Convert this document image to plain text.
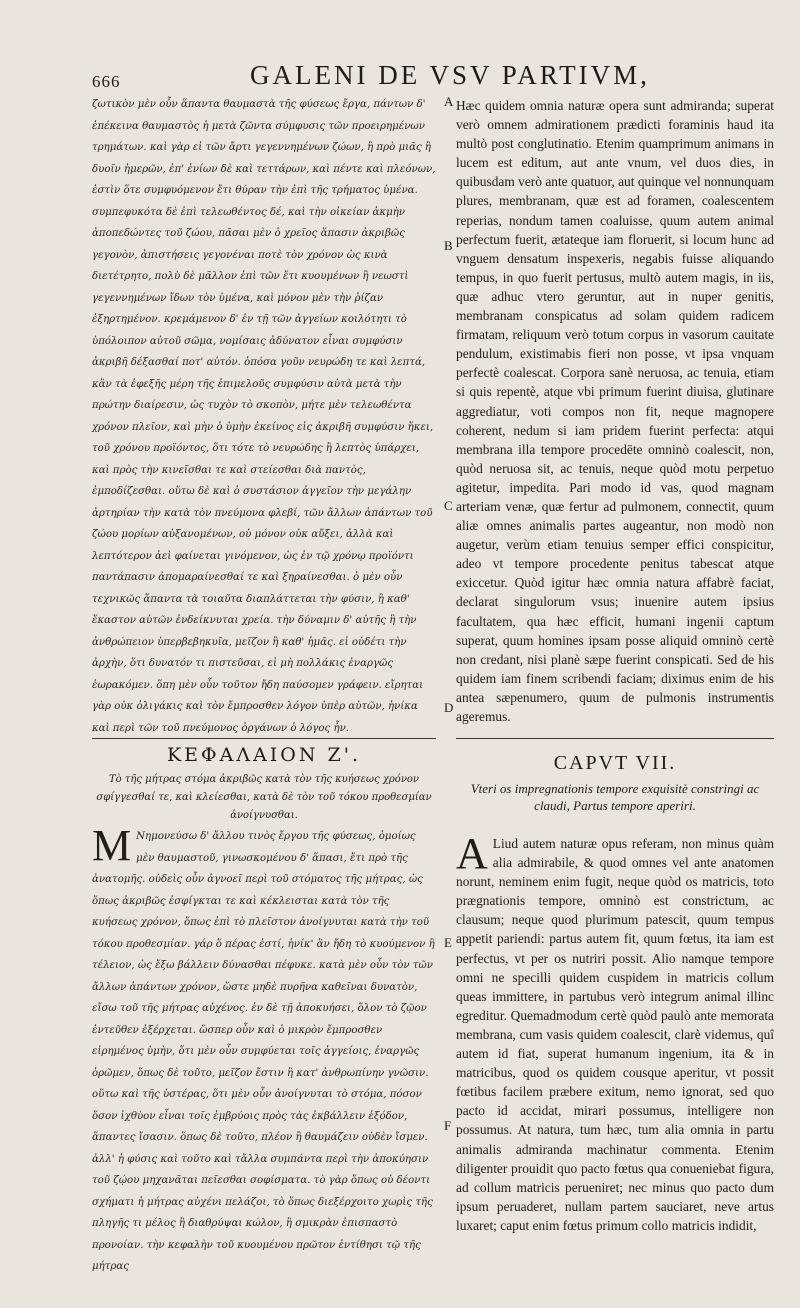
666	GALENI DE VSV PARTIVM,
ζωτικὸν μὲν οὖν ἅπαντα θαυμαστὰ τῆς φύσεως ἔργα, πάντων δ' ἐπέκεινα θαυμαστὸς ἡ μετὰ ζῶντα σύμφυσις τῶν προειρημένων τρημάτων. καὶ γὰρ εἰ τῶν ἄρτι γεγεννημένων ζώων, ἢ πρὸ μιᾶς ἢ δυοῖν ἡμερῶν, ἐπ' ἐνίων δὲ καὶ τεττάρων, καὶ πέντε καὶ πλεόνων, ἐστὶν ὅτε συμφυόμενον ἔτι θύραν τὴν ἐπὶ τῆς τρήματος ὑμένα. συμπεφυκότα δὲ ἐπὶ τελεωθέντος δέ, καὶ τὴν οἰκείαν ἀκμὴν ἀποπεδώντες τοῦ ζώου, πᾶσαι μὲν ὁ χρεῖος ἅπασιν ἀκριβῶς γεγονὸν, ἀπιστήσεις γεγονέναι ποτὲ τὸν χρόνον ὡς κινὰ διετέτρητο, πολὺ δὲ μᾶλλον ἐπὶ τῶν ἔτι κυουμένων ἢ νεωστὶ γεγεννημένων ἴδων τὸν ὑμένα, καὶ μόνον μὲν τὴν ῥίζαν ἐξηρτημένον. κρεμάμενον δ' ἐν τῇ τῶν ἀγγείων κοιλότητι τὸ ὑπόλοιπον αὐτοῦ σῶμα, νομίσαις ἀδύνατον εἶναι συμφύσιν ἀκριβῆ δέξασθαί ποτ' αὐτόν. ὁπόσα γοῦν νευρώδη τε καὶ λεπτά, κἂν τὰ ἐφεξῆς μέρη τῆς ἐπιμελοῦς συμφύσιν αὐτὰ μετὰ τὴν πρώτην διαίρεσιν, ὡς τυχὸν τὸ σκοπὸν, μήτε μὲν τελεωθέντα χρόνον πλεῖον, καὶ μὴν ὁ ὑμὴν ἐκείνος εἰς ἀκριβῆ συμφύσιν ἥκει, τοῦ χρόνου προϊόντος, ὅτι τότε τὸ νευρώδης ἢ λεπτὸς ὑπάρχει, καὶ πρὸς τὴν κινεῖσθαι τε καὶ στείεσθαι διὰ παντὸς, ἐμποδίζεσθαι. οὕτω δὲ καὶ ὁ συστάσιον ἀγγεῖον τὴν μεγάλην ἀρτηρίαν τὴν κατὰ τὸν πνεύμονα φλεβί, τῶν ἄλλων ἁπάντων τοῦ ζώου μορίων αὐξανομένων, οὐ μόνον οὐκ αὔξει, ἀλλὰ καὶ λεπτότερον ἀεὶ φαίνεται γινόμενον, ὡς ἐν τῷ χρόνῳ προϊόντι παντάπασιν ἀπομαραίνεσθαί τε καὶ ξηραίνεσθαι. ὁ μὲν οὖν τεχνικῶς ἅπαντα τὰ τοιαῦτα διαπλάττεται τὴν φύσιν, ἢ καθ' ἕκαστον αὐτῶν ἐνδείκνυται χρεία. τὴν δύναμιν δ' αὐτῆς ἣ τὴν ἀνθρώπειον ὑπερβεβηκυῖα, μεῖζον ἢ καθ' ἡμᾶς. εἰ οὐδέτι τὴν ἀρχὴν, ὅτι δυνατόν τι πιστεῦσαι, εἰ μὴ πολλάκις ἐναργῶς ἑωρακόμεν. ὅπη μὲν οὖν τοῦτον ἤδη παύσομεν γράφειν. εἴρηται γὰρ οὐκ ὀλιγάκις καὶ τὸν ἔμπροσθεν λόγον ὑπὲρ αὐτῶν, ἡνίκα καὶ περὶ τῶν τοῦ πνεύμονος ὀργάνων ὁ λόγος ἦν.
Hæc quidem omnia naturæ opera sunt admiranda; superat verò omnem admirationem prædicti foraminis haud ita multò post conglutinatio. Etenim quamprimum animans in lucem est editum, aut ante vnum, vel duos dies, in quibusdam verò ante quatuor, aut quinque vel nonnunquam plures, membranam, quæ est ad foramen, coalescentem reperias, nondum tamen coaluisse, quum autem animal perfectum fuerit, ætateque iam floruerit, si locum hunc ad vnguem densatum inspexeris, negabis fuisse aliquando tempus, in quo fuerit pertusus, multò autem magis, in iis, quæ adhuc vtero geruntur, aut in nuper genitis, membranam conspicatus ad solam quidem radicem firmatam, reliquum verò totum corpus in vasorum cauitate pendulum, existimabis fieri non posse, vt ipsa vnquam perfectè coalescat. Corpora sanè neruosa, ac tenuia, etiam si quis repentè, atque vbi primum fuerint diuisa, glutinare aggrediatur, voti compos non fit, neque magnopere coherent, nedum si iam pridem fuerint perfecta: atqui membrana illa tempore procedēte omninò coalescit, non, quòd neruosa sit, ac tenuis, neque quòd motu perpetuo agitetur, impedita. Pari modo id vas, quod magnam arteriam venæ, quæ fertur ad pulmonem, connectit, quum aliæ omnes animalis partes augeantur, non modò non augetur, verùm etiam tenuius semper effici conspicitur, adeo vt tempore procedente penitus tabescat atque exiccetur. Quòd igitur hæc omnia natura affabrè faciat, declarat singulorum vsus; inuenire autem ipsius facultatem, qua hæc efficit, humani ingenii captum superat, quum homines ipsam posse aliquid omninò certè non credant, nisi planè sæpe fuerint conspicati. Sed de his quidem iam finem scribendi faciam; diximus enim de his antea sæpenumero, quum de pulmonis instrumentis ageremus.
A
B
C
D
E
F
ΚΕΦΑΛΑΙΟΝ Ζ'.
Τὸ τῆς μήτρας στόμα ἀκριβῶς κατὰ τὸν τῆς κυήσεως χρόνον σφίγγεσθαί τε, καὶ κλείεσθαι, κατὰ δὲ τὸν τοῦ τόκου προθεσμίαν ἀνοίγνυσθαι.
CAPVT VII.
Vteri os impregnationis tempore exquisitè constringi ac claudi, Partus tempore aperiri.
M Νημονεύσω δ' ἄλλου τινὸς ἔργου τῆς φύσεως, ὁμοίως μὲν θαυμαστοῦ, γινωσκομένου δ' ἅπασι, ἔτι πρὸ τῆς ἀνατομῆς. οὐδεὶς οὖν ἀγνοεῖ περὶ τοῦ στόματος τῆς μήτρας, ὡς ὅπως ἀκριβῶς ἐσφίγκται τε καὶ κέκλεισται κατὰ τὸν τῆς κυήσεως χρόνον, ὅπως ἐπὶ τὸ πλεῖστον ἀνοίγνυται κατὰ τὴν τοῦ τόκου προθεσμίαν. γάρ ὅ πέρας ἐστί, ἡνίκ' ἂν ἤδη τὸ κυούμενον ἢ τέλειον, ὡς ἔξω βάλλειν δύνασθαι πέφυκε. κατὰ μὲν οὖν τὸν τῶν ἄλλων ἁπάντων χρόνον, ὥστε μηδὲ πυρῆνα καθεῖναι δυνατὸν, εἴσω τοῦ τῆς μήτρας αὐχένος. ἐν δὲ τῇ ἀποκυήσει, ὅλον τὸ ζῷον ἐντεῦθεν ἐξέρχεται. ὥσπερ οὖν καὶ ὁ μικρὸν ἔμπροσθεν εἰρημένος ὑμὴν, ὅτι μὲν οὖν συμφύεται τοῖς ἀγγείοις, ἐναργῶς ὁρῶμεν, ὅπως δὲ τοῦτο, μεῖζον ἔστιν ἢ κατ' ἀνθρωπίνην γνῶσιν. οὕτω καὶ τῆς ὑστέρας, ὅτι μὲν οὖν ἀνοίγνυται τὸ στόμα, πόσον ὅσον ἰχθὺον εἶναι τοῖς ἐμβρύοις πρὸς τὰς ἐκβάλλειν ἐξόδον, ἅπαντες ἴσασιν. ὅπως δὲ τοῦτο, πλέον ἢ θαυμάζειν οὐδὲν ἴσμεν. ἀλλ' ἡ φύσις καὶ τοῦτο καὶ τἄλλα συμπάντα περὶ τὴν ἀποκύησιν τοῦ ζῴου μηχανᾶται πεῖεσθαι σοφίσματα. τὸ γὰρ ὅπως οὐ δέοντι σχήματι ἡ μήτρας αὐχένι πελάζοι, τὸ ὅπως διεξέρχοιτο χωρὶς τῆς πληγῆς τι μέλος ἢ διαθρύψαι κώλον, ἢ σμικρὰν ἐπισπαστὸ προνοίαν. τὴν κεφαλὴν τοῦ κυουμένου πρῶτον ἐντίθησι τῷ τῆς μήτρας
A Liud autem naturæ opus referam, non minus quàm alia admirabile, & quod omnes vel ante anatomen norunt, neminem enim fugit, neque quòd os matricis, toto prægnationis tempore, omninò est constrictum, ac clausum; neque quod plurimum patescit, quum tempus appetit pariendi: partus autem fit, quum fœtus, ita iam est perfectus, vt per os nutriri possit. Alio namque tempore omni ne specilli quidem cuspidem in matricis collum queas immittere, in partubus verò integrum animal illinc egreditur. Quemadmodum certè quòd paulò ante memorata membrana, cum vasis quidem coalescit, clarè videmus, quî autem id fiat, superat humanum ingenium, ita & in matricibus, quod os quidem cousque aperitur, vt possit fœtibus facilem præbere exitum, nemo ignorat, sed quo pacto id accidat, mirari possumus, intelligere non possumus. At natura, tum hæc, tum alia omnia in partu animalis admiranda machinatur commenta. Etenim diligenter prouidit quo pacto fœtus qua conueniebat figura, ad collum matricis perueniret; nec minus quo pacto dum ipsum peruaderet, nullam partem sauciaret, neve artus luxaret; caput enim fœtus primum collo matricis indidit,
